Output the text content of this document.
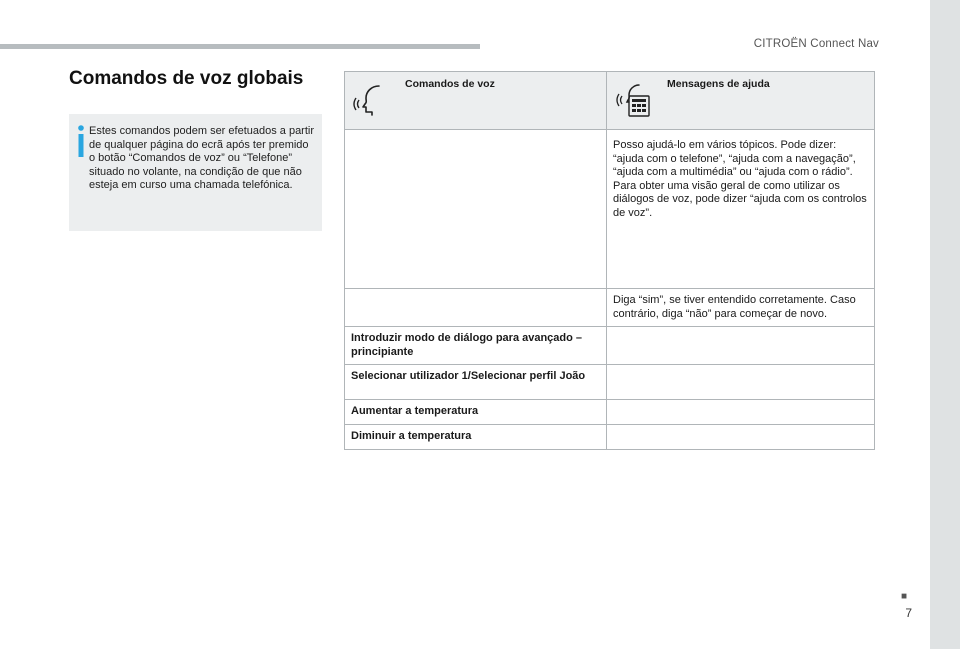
CITROËN Connect Nav
■
7
Comandos de voz globais

Estes comandos podem ser efetuados a partir de qualquer página do ecrã após ter premido o botão “Comandos de voz” ou “Telefone” situado no volante, na condição de que não esteja em curso uma chamada telefónica.

Comandos de voz	Mensagens de ajuda

	Posso ajudá-lo em vários tópicos. Pode dizer: “ajuda com o telefone”, “ajuda com a navegação”, “ajuda com a multimédia” ou “ajuda com o rádio”. Para obter uma visão geral de como utilizar os diálogos de voz, pode dizer “ajuda com os controlos de voz”.
	Diga “sim”, se tiver entendido corretamente. Caso contrário, diga “não” para começar de novo.
Introduzir modo de diálogo para avançado – principiante	
Selecionar utilizador 1/Selecionar perfil João	
Aumentar a temperatura	
Diminuir a temperatura	
